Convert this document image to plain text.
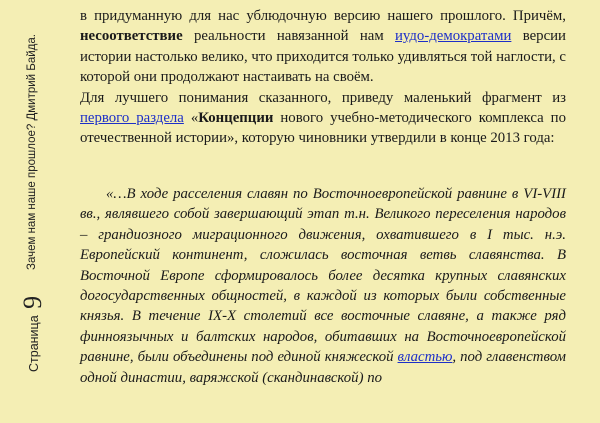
Зачем нам наше прошлое? Дмитрий Байда.
Страница 9

в придуманную для нас ублюдочную версию нашего прошлого. Причём, несоответствие реальности навязанной нам иудо-демократами версии истории настолько велико, что приходится только удивляться той наглости, с которой они продолжают настаивать на своём.

Для лучшего понимания сказанного, приведу маленький фрагмент из первого раздела «Концепции нового учебно-методического комплекса по отечественной истории», которую чиновники утвердили в конце 2013 года:

«…В ходе расселения славян по Восточноевропейской равнине в VI-VIII вв., являвшего собой завершающий этап т.н. Великого переселения народов – грандиозного миграционного движения, охватившего в I тыс. н.э. Европейский континент, сложилась восточная ветвь славянства. В Восточной Европе сформировалось более десятка крупных славянских догосударственных общностей, в каждой из которых были собственные князья. В течение IX-X столетий все восточные славяне, а также ряд финноязычных и балтских народов, обитавших на Восточноевропейской равнине, были объединены под единой княжеской властью, под главенством одной династии, варяжской (скандинавской) по
